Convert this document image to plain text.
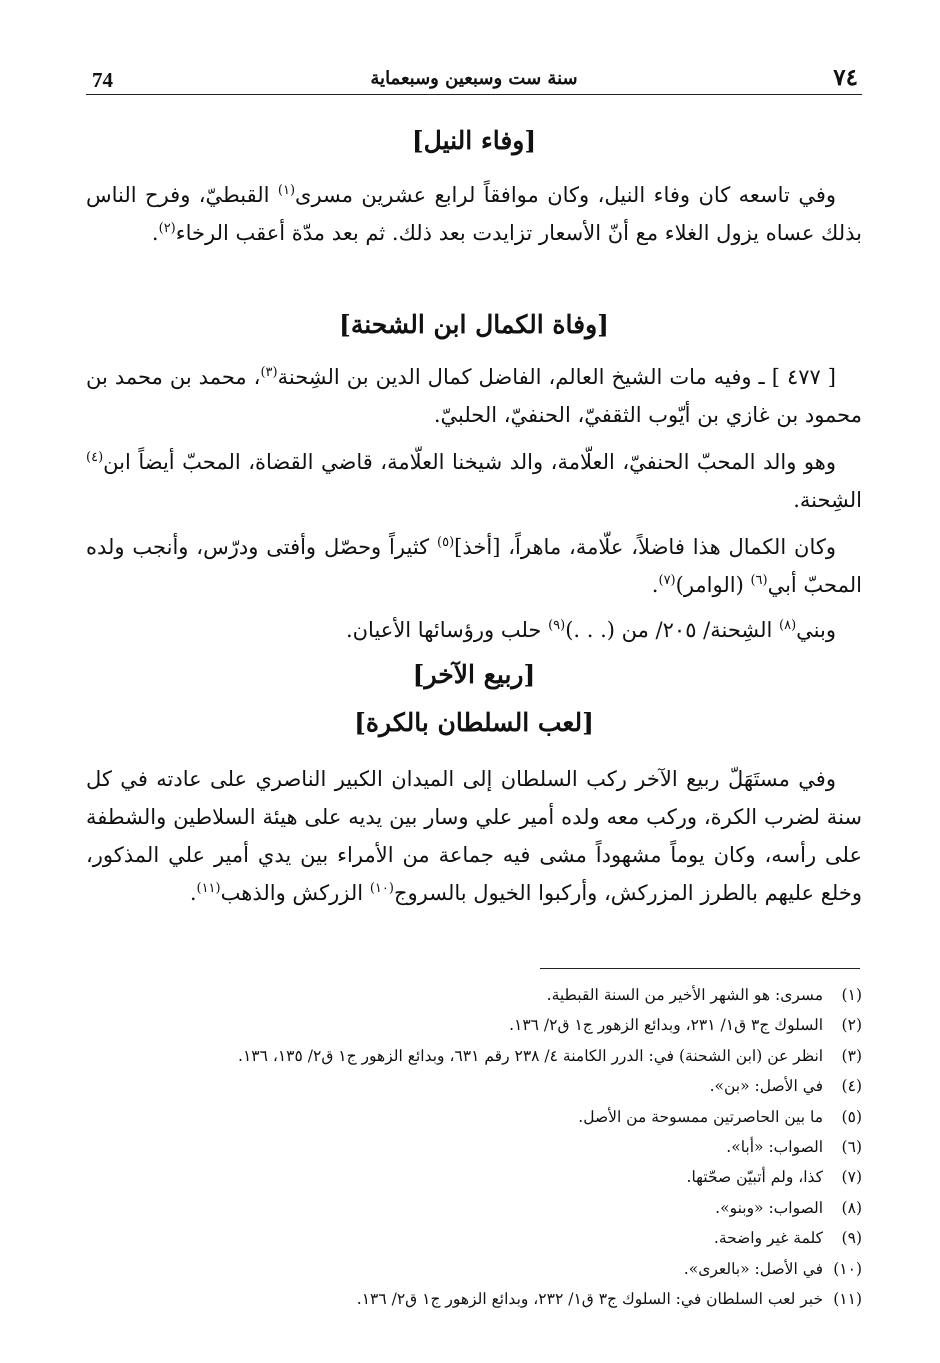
74	سنة ست وسبعين وسبعماية	٧٤
[وفاء النيل]

وفي تاسعه كان وفاء النيل، وكان موافقاً لرابع عشرين مسرى$^{(١)}$ القبطيّ، وفرح الناس بذلك عساه يزول الغلاء مع أنّ الأسعار تزايدت بعد ذلك. ثم بعد مدّة أعقب الرخاء$^{(٢)}$.

[وفاة الكمال ابن الشحنة]

[ ٤٧٧ ] ـ وفيه مات الشيخ العالم، الفاضل كمال الدين بن الشِحنة$^{(٣)}$، محمد بن محمد بن محمود بن غازي بن أيّوب الثقفيّ، الحنفيّ، الحلبيّ.

وهو والد المحبّ الحنفيّ، العلّامة، والد شيخنا العلّامة، قاضي القضاة، المحبّ أيضاً ابن$^{(٤)}$ الشِحنة.

وكان الكمال هذا فاضلاً، علّامة، ماهراً، [أخذ]$^{(٥)}$ كثيراً وحصّل وأفتى ودرّس، وأنجب ولده المحبّ أبي$^{(٦)}$ (الوامر)$^{(٧)}$.

وبني$^{(٨)}$ الشِحنة/ ٢٠٥/ من (. . .)$^{(٩)}$ حلب ورؤسائها الأعيان.

[ربيع الآخر]
[لعب السلطان بالكرة]

وفي مستَهَلّ ربيع الآخر ركب السلطان إلى الميدان الكبير الناصري على عادته في كل سنة لضرب الكرة، وركب معه ولده أمير علي وسار بين يديه على هيئة السلاطين والشطفة على رأسه، وكان يوماً مشهوداً مشى فيه جماعة من الأمراء بين يدي أمير علي المذكور، وخلع عليهم بالطرز المزركش، وأركبوا الخيول بالسروج$^{(١٠)}$ الزركش والذهب$^{(١١)}$.

(١) مسرى: هو الشهر الأخير من السنة القبطية.
(٢) السلوك ج٣ ق١/ ٢٣١، وبدائع الزهور ج١ ق٢/ ١٣٦.
(٣) انظر عن (ابن الشحنة) في: الدرر الكامنة ٤/ ٢٣٨ رقم ٦٣١، وبدائع الزهور ج١ ق٢/ ١٣٥، ١٣٦.
(٤) في الأصل: «بن».
(٥) ما بين الحاصرتين ممسوحة من الأصل.
(٦) الصواب: «أبا».
(٧) كذا، ولم أتبيّن صحّتها.
(٨) الصواب: «وبنو».
(٩) كلمة غير واضحة.
(١٠) في الأصل: «بالعرى».
(١١) خبر لعب السلطان في: السلوك ج٣ ق١/ ٢٣٢، وبدائع الزهور ج١ ق٢/ ١٣٦.
